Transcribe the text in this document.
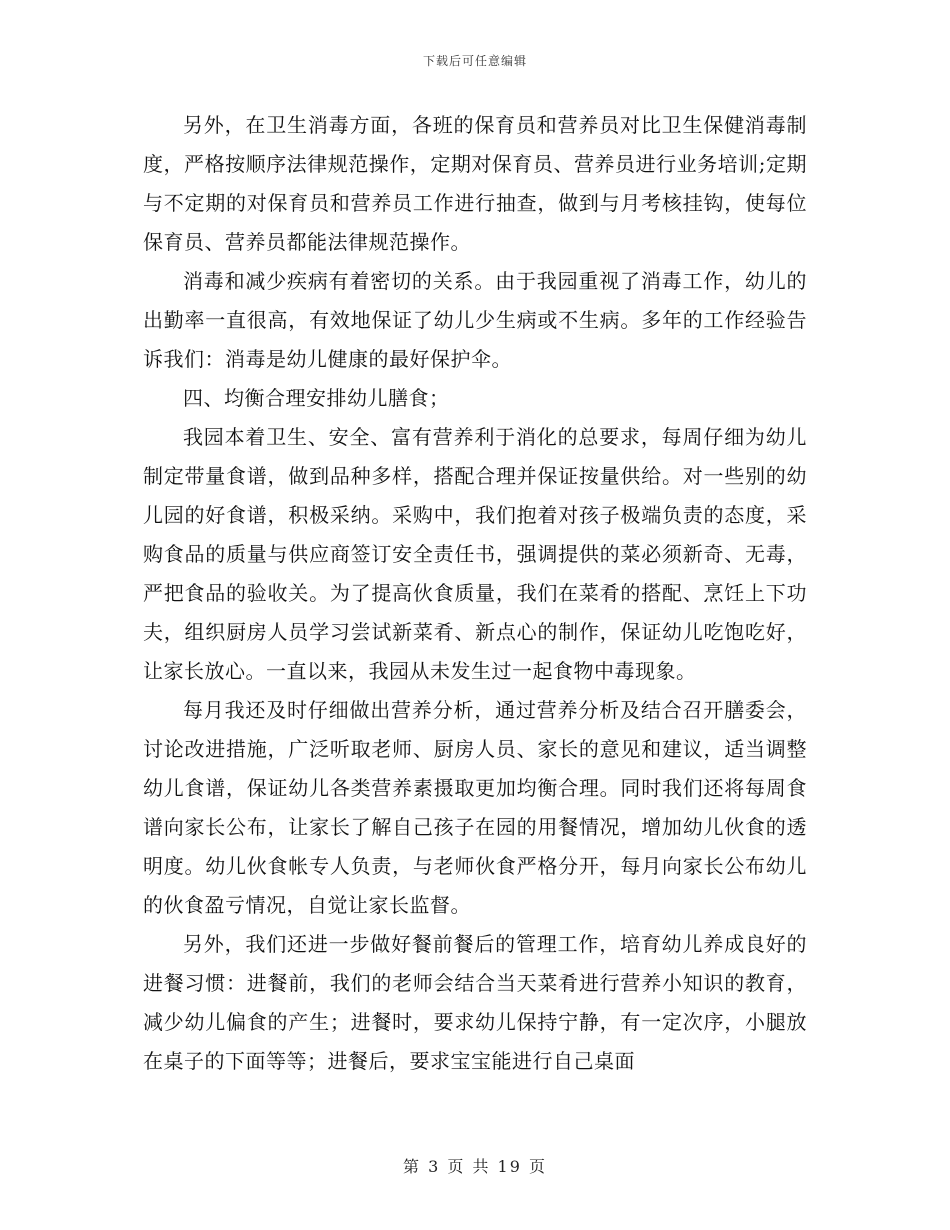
下载后可任意编辑

另外，在卫生消毒方面，各班的保育员和营养员对比卫生保健消毒制度，严格按顺序法律规范操作，定期对保育员、营养员进行业务培训;定期与不定期的对保育员和营养员工作进行抽查，做到与月考核挂钩，使每位保育员、营养员都能法律规范操作。

消毒和减少疾病有着密切的关系。由于我园重视了消毒工作，幼儿的出勤率一直很高，有效地保证了幼儿少生病或不生病。多年的工作经验告诉我们：消毒是幼儿健康的最好保护伞。

四、均衡合理安排幼儿膳食；

我园本着卫生、安全、富有营养利于消化的总要求，每周仔细为幼儿制定带量食谱，做到品种多样，搭配合理并保证按量供给。对一些别的幼儿园的好食谱，积极采纳。采购中，我们抱着对孩子极端负责的态度，采购食品的质量与供应商签订安全责任书，强调提供的菜必须新奇、无毒，严把食品的验收关。为了提高伙食质量，我们在菜肴的搭配、烹饪上下功夫，组织厨房人员学习尝试新菜肴、新点心的制作，保证幼儿吃饱吃好，让家长放心。一直以来，我园从未发生过一起食物中毒现象。

每月我还及时仔细做出营养分析，通过营养分析及结合召开膳委会，讨论改进措施，广泛听取老师、厨房人员、家长的意见和建议，适当调整幼儿食谱，保证幼儿各类营养素摄取更加均衡合理。同时我们还将每周食谱向家长公布，让家长了解自己孩子在园的用餐情况，增加幼儿伙食的透明度。幼儿伙食帐专人负责，与老师伙食严格分开，每月向家长公布幼儿的伙食盈亏情况，自觉让家长监督。

另外，我们还进一步做好餐前餐后的管理工作，培育幼儿养成良好的进餐习惯：进餐前，我们的老师会结合当天菜肴进行营养小知识的教育，减少幼儿偏食的产生；进餐时，要求幼儿保持宁静，有一定次序，小腿放在桌子的下面等等；进餐后，要求宝宝能进行自己桌面

第 3 页 共 19 页
